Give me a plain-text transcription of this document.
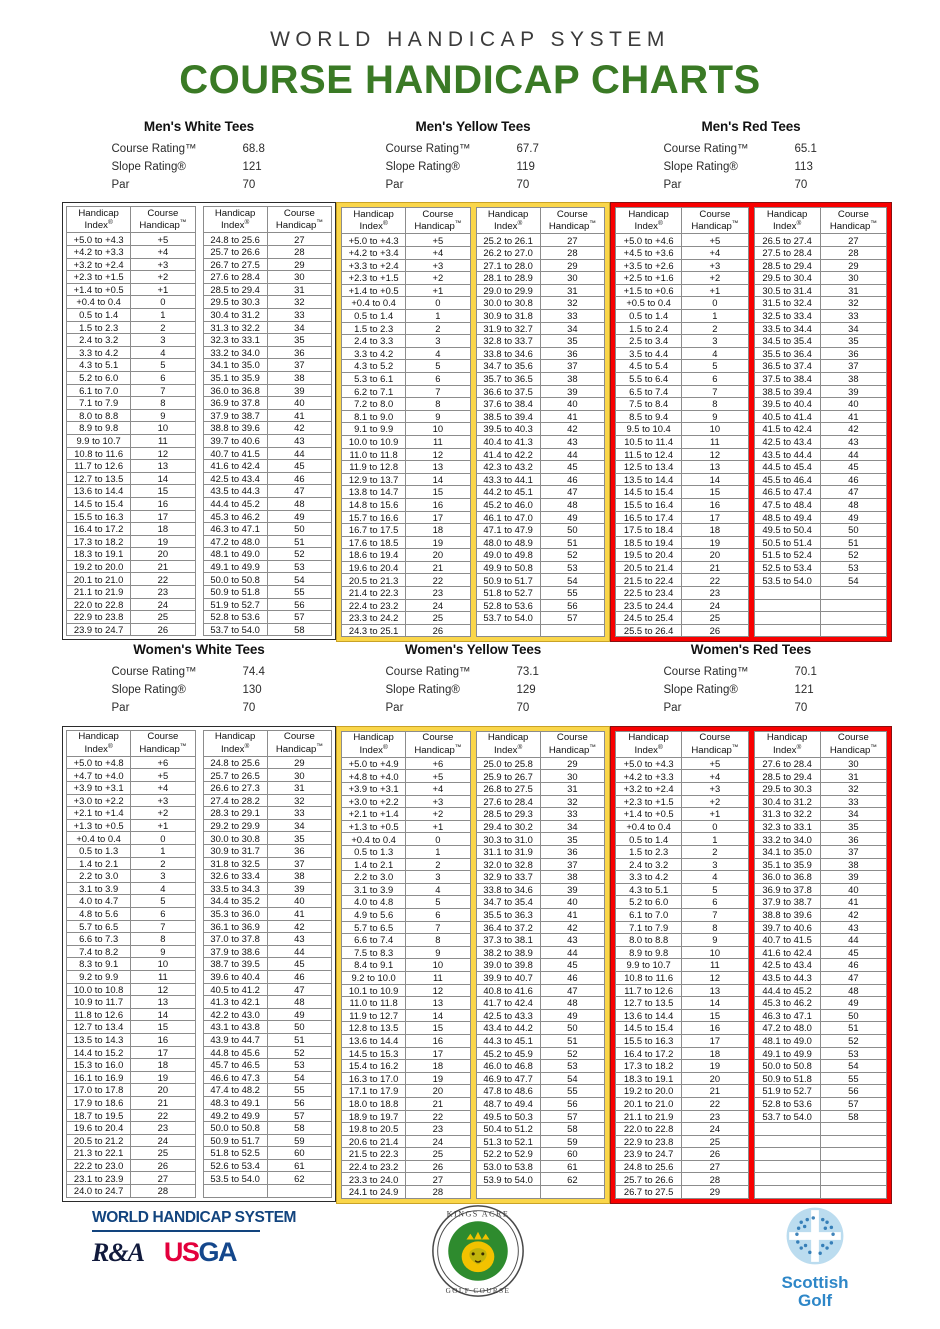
WORLD HANDICAP SYSTEM
COURSE HANDICAP CHARTS
Men's White Tees
Course Rating™	68.8
Slope Rating®	121
Par	70
Handicap
Index®	Course
Handicap™

+5.0 to +4.3	+5
+4.2 to +3.3	+4
+3.2 to +2.4	+3
+2.3 to +1.5	+2
+1.4 to +0.5	+1
+0.4 to 0.4	0
0.5 to 1.4	1
1.5 to 2.3	2
2.4 to 3.2	3
3.3 to 4.2	4
4.3 to 5.1	5
5.2 to 6.0	6
6.1 to 7.0	7
7.1 to 7.9	8
8.0 to 8.8	9
8.9 to 9.8	10
9.9 to 10.7	11
10.8 to 11.6	12
11.7 to 12.6	13
12.7 to 13.5	14
13.6 to 14.4	15
14.5 to 15.4	16
15.5 to 16.3	17
16.4 to 17.2	18
17.3 to 18.2	19
18.3 to 19.1	20
19.2 to 20.0	21
20.1 to 21.0	22
21.1 to 21.9	23
22.0 to 22.8	24
22.9 to 23.8	25
23.9 to 24.7	26
Handicap
Index®	Course
Handicap™

24.8 to 25.6	27
25.7 to 26.6	28
26.7 to 27.5	29
27.6 to 28.4	30
28.5 to 29.4	31
29.5 to 30.3	32
30.4 to 31.2	33
31.3 to 32.2	34
32.3 to 33.1	35
33.2 to 34.0	36
34.1 to 35.0	37
35.1 to 35.9	38
36.0 to 36.8	39
36.9 to 37.8	40
37.9 to 38.7	41
38.8 to 39.6	42
39.7 to 40.6	43
40.7 to 41.5	44
41.6 to 42.4	45
42.5 to 43.4	46
43.5 to 44.3	47
44.4 to 45.2	48
45.3 to 46.2	49
46.3 to 47.1	50
47.2 to 48.0	51
48.1 to 49.0	52
49.1 to 49.9	53
50.0 to 50.8	54
50.9 to 51.8	55
51.9 to 52.7	56
52.8 to 53.6	57
53.7 to 54.0	58
Men's Yellow Tees
Course Rating™	67.7
Slope Rating®	119
Par	70
Handicap
Index®	Course
Handicap™

+5.0 to +4.3	+5
+4.2 to +3.4	+4
+3.3 to +2.4	+3
+2.3 to +1.5	+2
+1.4 to +0.5	+1
+0.4 to 0.4	0
0.5 to 1.4	1
1.5 to 2.3	2
2.4 to 3.3	3
3.3 to 4.2	4
4.3 to 5.2	5
5.3 to 6.1	6
6.2 to 7.1	7
7.2 to 8.0	8
8.1 to 9.0	9
9.1 to 9.9	10
10.0 to 10.9	11
11.0 to 11.8	12
11.9 to 12.8	13
12.9 to 13.7	14
13.8 to 14.7	15
14.8 to 15.6	16
15.7 to 16.6	17
16.7 to 17.5	18
17.6 to 18.5	19
18.6 to 19.4	20
19.6 to 20.4	21
20.5 to 21.3	22
21.4 to 22.3	23
22.4 to 23.2	24
23.3 to 24.2	25
24.3 to 25.1	26
Handicap
Index®	Course
Handicap™

25.2 to 26.1	27
26.2 to 27.0	28
27.1 to 28.0	29
28.1 to 28.9	30
29.0 to 29.9	31
30.0 to 30.8	32
30.9 to 31.8	33
31.9 to 32.7	34
32.8 to 33.7	35
33.8 to 34.6	36
34.7 to 35.6	37
35.7 to 36.5	38
36.6 to 37.5	39
37.6 to 38.4	40
38.5 to 39.4	41
39.5 to 40.3	42
40.4 to 41.3	43
41.4 to 42.2	44
42.3 to 43.2	45
43.3 to 44.1	46
44.2 to 45.1	47
45.2 to 46.0	48
46.1 to 47.0	49
47.1 to 47.9	50
48.0 to 48.9	51
49.0 to 49.8	52
49.9 to 50.8	53
50.9 to 51.7	54
51.8 to 52.7	55
52.8 to 53.6	56
53.7 to 54.0	57

Men's Red Tees
Course Rating™	65.1
Slope Rating®	113
Par	70
Handicap
Index®	Course
Handicap™

+5.0 to +4.6	+5
+4.5 to +3.6	+4
+3.5 to +2.6	+3
+2.5 to +1.6	+2
+1.5 to +0.6	+1
+0.5 to 0.4	0
0.5 to 1.4	1
1.5 to 2.4	2
2.5 to 3.4	3
3.5 to 4.4	4
4.5 to 5.4	5
5.5 to 6.4	6
6.5 to 7.4	7
7.5 to 8.4	8
8.5 to 9.4	9
9.5 to 10.4	10
10.5 to 11.4	11
11.5 to 12.4	12
12.5 to 13.4	13
13.5 to 14.4	14
14.5 to 15.4	15
15.5 to 16.4	16
16.5 to 17.4	17
17.5 to 18.4	18
18.5 to 19.4	19
19.5 to 20.4	20
20.5 to 21.4	21
21.5 to 22.4	22
22.5 to 23.4	23
23.5 to 24.4	24
24.5 to 25.4	25
25.5 to 26.4	26
Handicap
Index®	Course
Handicap™

26.5 to 27.4	27
27.5 to 28.4	28
28.5 to 29.4	29
29.5 to 30.4	30
30.5 to 31.4	31
31.5 to 32.4	32
32.5 to 33.4	33
33.5 to 34.4	34
34.5 to 35.4	35
35.5 to 36.4	36
36.5 to 37.4	37
37.5 to 38.4	38
38.5 to 39.4	39
39.5 to 40.4	40
40.5 to 41.4	41
41.5 to 42.4	42
42.5 to 43.4	43
43.5 to 44.4	44
44.5 to 45.4	45
45.5 to 46.4	46
46.5 to 47.4	47
47.5 to 48.4	48
48.5 to 49.4	49
49.5 to 50.4	50
50.5 to 51.4	51
51.5 to 52.4	52
52.5 to 53.4	53
53.5 to 54.0	54

Women's White Tees
Course Rating™	74.4
Slope Rating®	130
Par	70
Handicap
Index®	Course
Handicap™

+5.0 to +4.8	+6
+4.7 to +4.0	+5
+3.9 to +3.1	+4
+3.0 to +2.2	+3
+2.1 to +1.4	+2
+1.3 to +0.5	+1
+0.4 to 0.4	0
0.5 to 1.3	1
1.4 to 2.1	2
2.2 to 3.0	3
3.1 to 3.9	4
4.0 to 4.7	5
4.8 to 5.6	6
5.7 to 6.5	7
6.6 to 7.3	8
7.4 to 8.2	9
8.3 to 9.1	10
9.2 to 9.9	11
10.0 to 10.8	12
10.9 to 11.7	13
11.8 to 12.6	14
12.7 to 13.4	15
13.5 to 14.3	16
14.4 to 15.2	17
15.3 to 16.0	18
16.1 to 16.9	19
17.0 to 17.8	20
17.9 to 18.6	21
18.7 to 19.5	22
19.6 to 20.4	23
20.5 to 21.2	24
21.3 to 22.1	25
22.2 to 23.0	26
23.1 to 23.9	27
24.0 to 24.7	28
Handicap
Index®	Course
Handicap™

24.8 to 25.6	29
25.7 to 26.5	30
26.6 to 27.3	31
27.4 to 28.2	32
28.3 to 29.1	33
29.2 to 29.9	34
30.0 to 30.8	35
30.9 to 31.7	36
31.8 to 32.5	37
32.6 to 33.4	38
33.5 to 34.3	39
34.4 to 35.2	40
35.3 to 36.0	41
36.1 to 36.9	42
37.0 to 37.8	43
37.9 to 38.6	44
38.7 to 39.5	45
39.6 to 40.4	46
40.5 to 41.2	47
41.3 to 42.1	48
42.2 to 43.0	49
43.1 to 43.8	50
43.9 to 44.7	51
44.8 to 45.6	52
45.7 to 46.5	53
46.6 to 47.3	54
47.4 to 48.2	55
48.3 to 49.1	56
49.2 to 49.9	57
50.0 to 50.8	58
50.9 to 51.7	59
51.8 to 52.5	60
52.6 to 53.4	61
53.5 to 54.0	62

Women's Yellow Tees
Course Rating™	73.1
Slope Rating®	129
Par	70
Handicap
Index®	Course
Handicap™

+5.0 to +4.9	+6
+4.8 to +4.0	+5
+3.9 to +3.1	+4
+3.0 to +2.2	+3
+2.1 to +1.4	+2
+1.3 to +0.5	+1
+0.4 to 0.4	0
0.5 to 1.3	1
1.4 to 2.1	2
2.2 to 3.0	3
3.1 to 3.9	4
4.0 to 4.8	5
4.9 to 5.6	6
5.7 to 6.5	7
6.6 to 7.4	8
7.5 to 8.3	9
8.4 to 9.1	10
9.2 to 10.0	11
10.1 to 10.9	12
11.0 to 11.8	13
11.9 to 12.7	14
12.8 to 13.5	15
13.6 to 14.4	16
14.5 to 15.3	17
15.4 to 16.2	18
16.3 to 17.0	19
17.1 to 17.9	20
18.0 to 18.8	21
18.9 to 19.7	22
19.8 to 20.5	23
20.6 to 21.4	24
21.5 to 22.3	25
22.4 to 23.2	26
23.3 to 24.0	27
24.1 to 24.9	28
Handicap
Index®	Course
Handicap™

25.0 to 25.8	29
25.9 to 26.7	30
26.8 to 27.5	31
27.6 to 28.4	32
28.5 to 29.3	33
29.4 to 30.2	34
30.3 to 31.0	35
31.1 to 31.9	36
32.0 to 32.8	37
32.9 to 33.7	38
33.8 to 34.6	39
34.7 to 35.4	40
35.5 to 36.3	41
36.4 to 37.2	42
37.3 to 38.1	43
38.2 to 38.9	44
39.0 to 39.8	45
39.9 to 40.7	46
40.8 to 41.6	47
41.7 to 42.4	48
42.5 to 43.3	49
43.4 to 44.2	50
44.3 to 45.1	51
45.2 to 45.9	52
46.0 to 46.8	53
46.9 to 47.7	54
47.8 to 48.6	55
48.7 to 49.4	56
49.5 to 50.3	57
50.4 to 51.2	58
51.3 to 52.1	59
52.2 to 52.9	60
53.0 to 53.8	61
53.9 to 54.0	62

Women's Red Tees
Course Rating™	70.1
Slope Rating®	121
Par	70
Handicap
Index®	Course
Handicap™

+5.0 to +4.3	+5
+4.2 to +3.3	+4
+3.2 to +2.4	+3
+2.3 to +1.5	+2
+1.4 to +0.5	+1
+0.4 to 0.4	0
0.5 to 1.4	1
1.5 to 2.3	2
2.4 to 3.2	3
3.3 to 4.2	4
4.3 to 5.1	5
5.2 to 6.0	6
6.1 to 7.0	7
7.1 to 7.9	8
8.0 to 8.8	9
8.9 to 9.8	10
9.9 to 10.7	11
10.8 to 11.6	12
11.7 to 12.6	13
12.7 to 13.5	14
13.6 to 14.4	15
14.5 to 15.4	16
15.5 to 16.3	17
16.4 to 17.2	18
17.3 to 18.2	19
18.3 to 19.1	20
19.2 to 20.0	21
20.1 to 21.0	22
21.1 to 21.9	23
22.0 to 22.8	24
22.9 to 23.8	25
23.9 to 24.7	26
24.8 to 25.6	27
25.7 to 26.6	28
26.7 to 27.5	29
Handicap
Index®	Course
Handicap™

27.6 to 28.4	30
28.5 to 29.4	31
29.5 to 30.3	32
30.4 to 31.2	33
31.3 to 32.2	34
32.3 to 33.1	35
33.2 to 34.0	36
34.1 to 35.0	37
35.1 to 35.9	38
36.0 to 36.8	39
36.9 to 37.8	40
37.9 to 38.7	41
38.8 to 39.6	42
39.7 to 40.6	43
40.7 to 41.5	44
41.6 to 42.4	45
42.5 to 43.4	46
43.5 to 44.3	47
44.4 to 45.2	48
45.3 to 46.2	49
46.3 to 47.1	50
47.2 to 48.0	51
48.1 to 49.0	52
49.1 to 49.9	53
50.0 to 50.8	54
50.9 to 51.8	55
51.9 to 52.7	56
52.8 to 53.6	57
53.7 to 54.0	58

WORLD HANDICAP SYSTEM
R&A USGA
KINGS ACRE
GOLF COURSE	Scottish
Golf
